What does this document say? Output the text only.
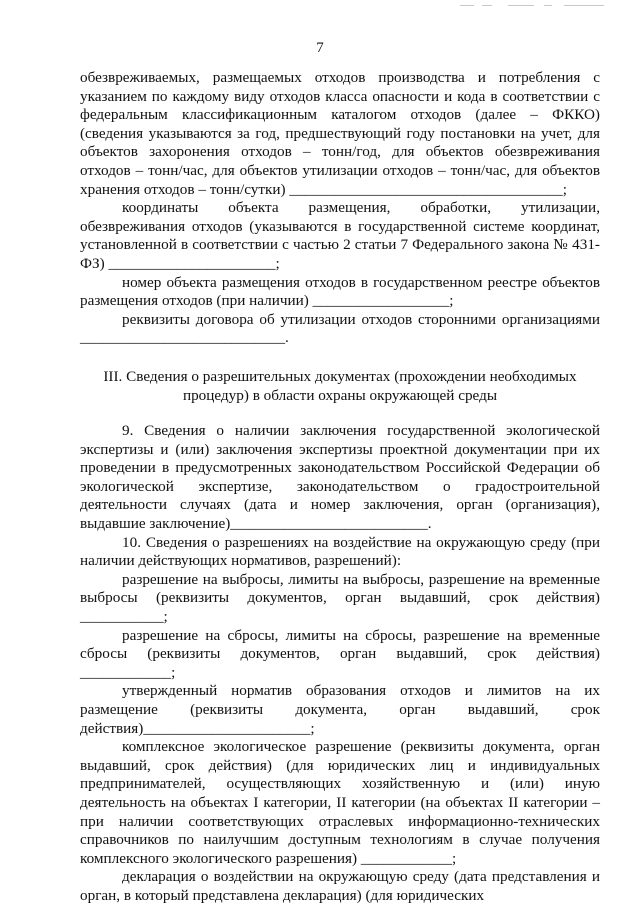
7

обезвреживаемых, размещаемых отходов производства и потребления с указанием по каждому виду отходов класса опасности и кода в соответствии с федеральным классификационным каталогом отходов (далее – ФККО) (сведения указываются за год, предшествующий году постановки на учет, для объектов захоронения отходов – тонн/год, для объектов обезвреживания отходов – тонн/час, для объектов утилизации отходов – тонн/час, для объектов хранения отходов – тонн/сутки) ____________________________________;

координаты объекта размещения, обработки, утилизации, обезвреживания отходов (указываются в государственной системе координат, установленной в соответствии с частью 2 статьи 7 Федерального закона № 431-ФЗ) ______________________;

номер объекта размещения отходов в государственном реестре объектов размещения отходов (при наличии) __________________;

реквизиты договора об утилизации отходов сторонними организациями ___________________________.

III. Сведения о разрешительных документах (прохождении необходимых
процедур) в области охраны окружающей среды

9. Сведения о наличии заключения государственной экологической экспертизы и (или) заключения экспертизы проектной документации при их проведении в предусмотренных законодательством Российской Федерации об экологической экспертизе, законодательством о градостроительной деятельности случаях (дата и номер заключения, орган (организация), выдавшие заключение)__________________________.

10. Сведения о разрешениях на воздействие на окружающую среду (при наличии действующих нормативов, разрешений):

разрешение на выбросы, лимиты на выбросы, разрешение на временные выбросы (реквизиты документов, орган выдавший, срок действия) ___________;

разрешение на сбросы, лимиты на сбросы, разрешение на временные сбросы (реквизиты документов, орган выдавший, срок действия) ____________;

утвержденный норматив образования отходов и лимитов на их размещение (реквизиты документа, орган выдавший, срок действия)______________________;

комплексное экологическое разрешение (реквизиты документа, орган выдавший, срок действия) (для юридических лиц и индивидуальных предпринимателей, осуществляющих хозяйственную и (или) иную деятельность на объектах I категории, II категории (на объектах II категории – при наличии соответствующих отраслевых информационно-технических справочников по наилучшим доступным технологиям в случае получения комплексного экологического разрешения) ____________;

декларация о воздействии на окружающую среду (дата представления и орган, в который представлена декларация) (для юридических
